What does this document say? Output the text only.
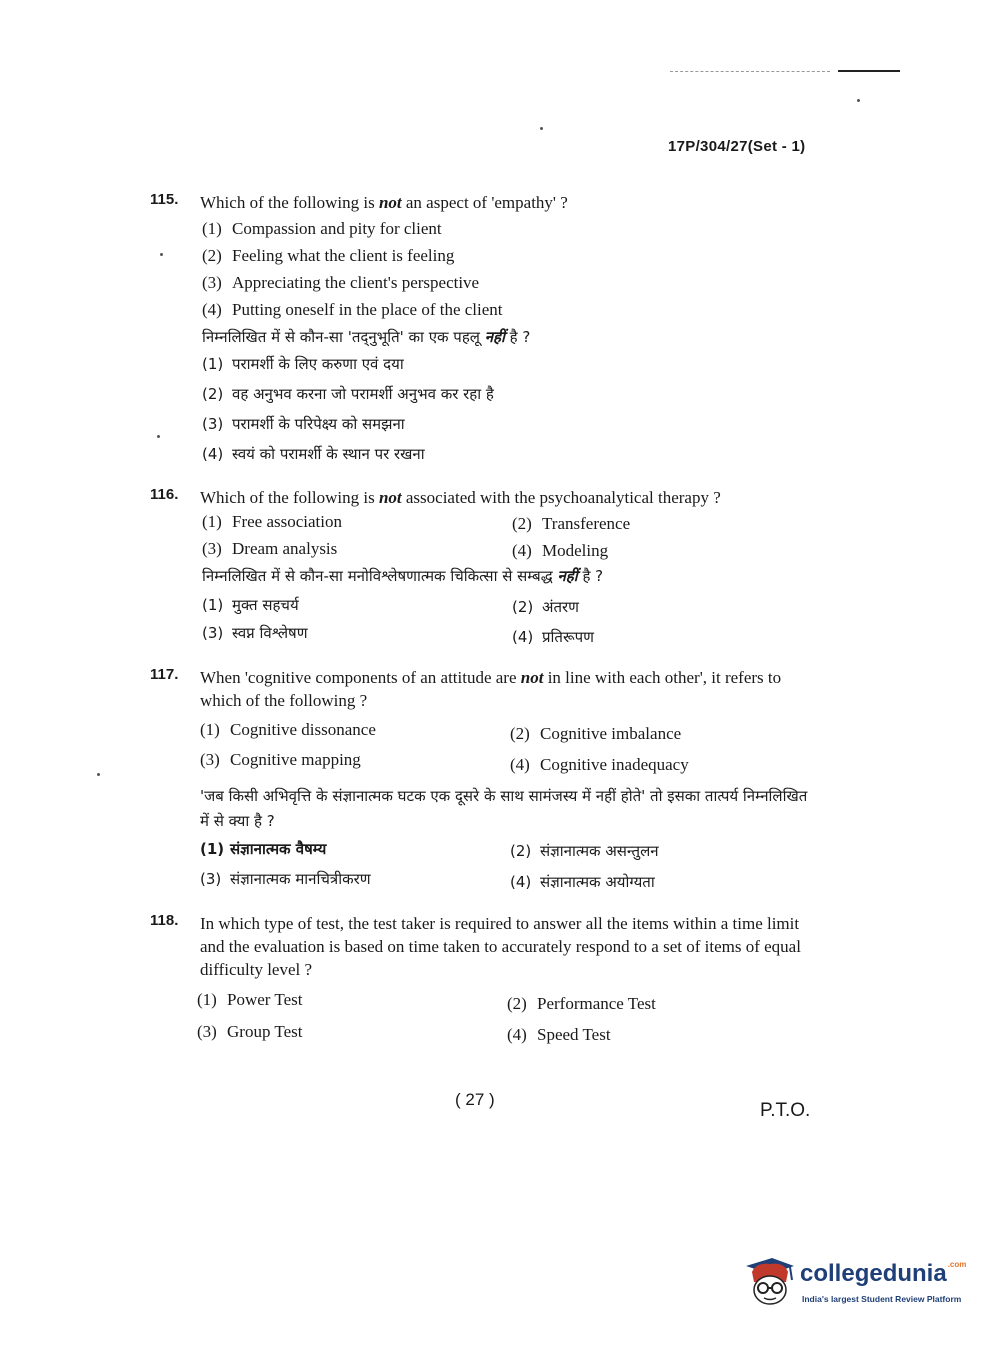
17P/304/27(Set - 1)
115. Which of the following is not an aspect of 'empathy' ?
(1) Compassion and pity for client
(2) Feeling what the client is feeling
(3) Appreciating the client's perspective
(4) Putting oneself in the place of the client
निम्नलिखित में से कौन-सा 'तद्‌नुभूति' का एक पहलू नहीं है ?
(1) परामर्शी के लिए करुणा एवं दया
(2) वह अनुभव करना जो परामर्शी अनुभव कर रहा है
(3) परामर्शी के परिपेक्ष्य को समझना
(4) स्वयं को परामर्शी के स्थान पर रखना
116. Which of the following is not associated with the psychoanalytical therapy ?
(1) Free association	(2) Transference
(3) Dream analysis	(4) Modeling
निम्नलिखित में से कौन-सा मनोविश्लेषणात्मक चिकित्सा से सम्बद्ध नहीं है ?
(1) मुक्त सहचर्य	(2) अंतरण
(3) स्वप्न विश्लेषण	(4) प्रतिरूपण
117. When 'cognitive components of an attitude are not in line with each other', it refers to which of the following ?
(1) Cognitive dissonance	(2) Cognitive imbalance
(3) Cognitive mapping	(4) Cognitive inadequacy
'जब किसी अभिवृत्ति के संज्ञानात्मक घटक एक दूसरे के साथ सामंजस्य में नहीं होते' तो इसका तात्पर्य निम्नलिखित में से क्या है ?
(1) संज्ञानात्मक वैषम्य	(2) संज्ञानात्मक असन्तुलन
(3) संज्ञानात्मक मानचित्रीकरण	(4) संज्ञानात्मक अयोग्यता
118. In which type of test, the test taker is required to answer all the items within a time limit and the evaluation is based on time taken to accurately respond to a set of items of equal difficulty level ?
(1) Power Test	(2) Performance Test
(3) Group Test	(4) Speed Test
( 27 )
P.T.O.
collegedunia$^{.com}$
India's largest Student Review Platform
